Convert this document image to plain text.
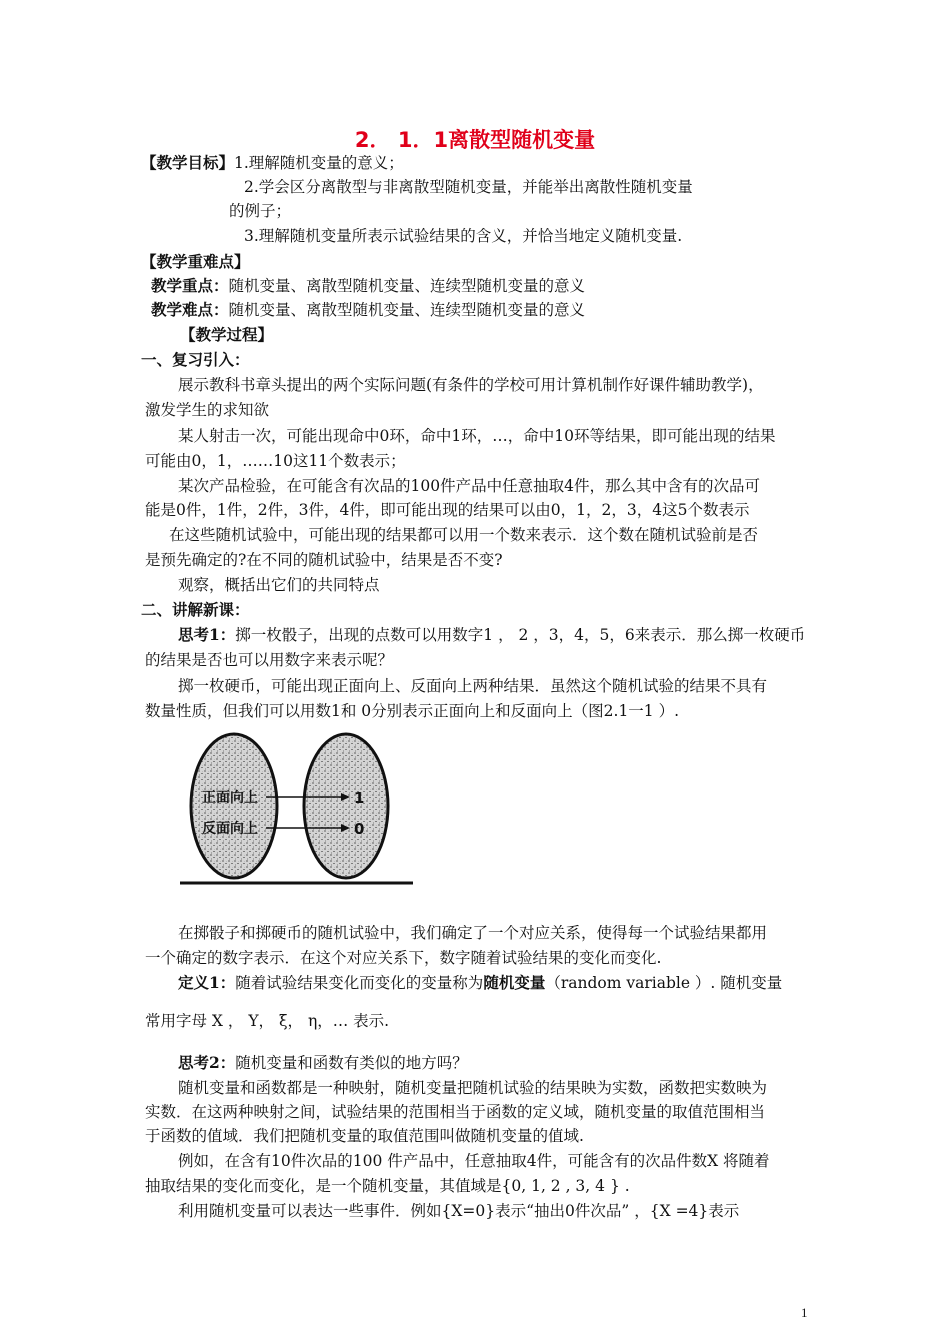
2． 1．1离散型随机变量
【教学目标】1.理解随机变量的意义；
2.学会区分离散型与非离散型随机变量，并能举出离散性随机变量
的例子；
3.理解随机变量所表示试验结果的含义，并恰当地定义随机变量.
【教学重难点】
教学重点：随机变量、离散型随机变量、连续型随机变量的意义
教学难点：随机变量、离散型随机变量、连续型随机变量的意义
【教学过程】
一、复习引入：
展示教科书章头提出的两个实际问题(有条件的学校可用计算机制作好课件辅助教学)，
激发学生的求知欲
某人射击一次，可能出现命中0环，命中1环，…，命中10环等结果，即可能出现的结果
可能由0，1，……10这11个数表示；
某次产品检验，在可能含有次品的100件产品中任意抽取4件，那么其中含有的次品可
能是0件，1件，2件，3件，4件，即可能出现的结果可以由0，1，2，3，4这5个数表示
在这些随机试验中，可能出现的结果都可以用一个数来表示．这个数在随机试验前是否
是预先确定的?在不同的随机试验中，结果是否不变?
观察，概括出它们的共同特点
二、讲解新课：
思考1：掷一枚骰子，出现的点数可以用数字1 ， 2 ，3，4，5，6来表示．那么掷一枚硬币
的结果是否也可以用数字来表示呢？
掷一枚硬币，可能出现正面向上、反面向上两种结果．虽然这个随机试验的结果不具有
数量性质，但我们可以用数1和 0分别表示正面向上和反面向上（图2.1一1 ）.
正面向上
反面向上
1
0
在掷骰子和掷硬币的随机试验中，我们确定了一个对应关系，使得每一个试验结果都用
一个确定的数字表示．在这个对应关系下，数字随着试验结果的变化而变化.
定义1：随着试验结果变化而变化的变量称为随机变量（random variable ）. 随机变量
常用字母 X ， Y， ξ， η，… 表示.
思考2：随机变量和函数有类似的地方吗？
随机变量和函数都是一种映射，随机变量把随机试验的结果映为实数，函数把实数映为
实数．在这两种映射之间，试验结果的范围相当于函数的定义域，随机变量的取值范围相当
于函数的值域．我们把随机变量的取值范围叫做随机变量的值域.
例如，在含有10件次品的100 件产品中，任意抽取4件，可能含有的次品件数X 将随着
抽取结果的变化而变化，是一个随机变量，其值域是{0, 1, 2 , 3, 4 } .
利用随机变量可以表达一些事件．例如{X=0}表示“抽出0件次品” ，{X =4}表示
1
